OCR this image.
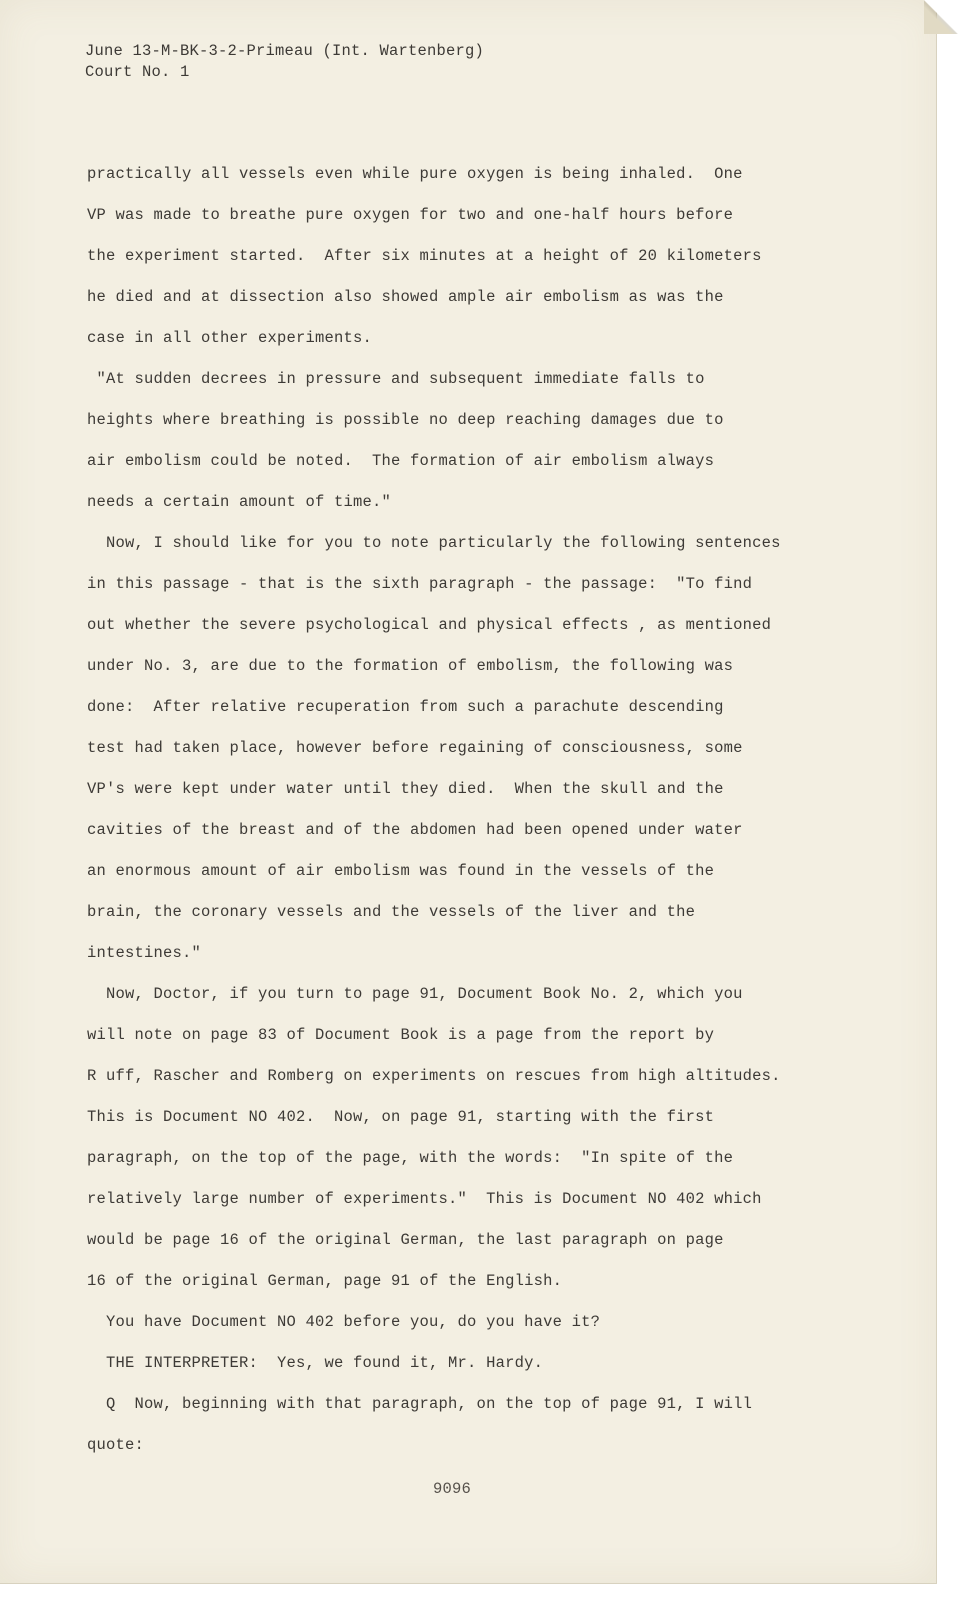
June 13-M-BK-3-2-Primeau (Int. Wartenberg)
Court No. 1
practically all vessels even while pure oxygen is being inhaled.  One
VP was made to breathe pure oxygen for two and one-half hours before
the experiment started.  After six minutes at a height of 20 kilometers
he died and at dissection also showed ample air embolism as was the
case in all other experiments.
"At sudden decrees in pressure and subsequent immediate falls to
heights where breathing is possible no deep reaching damages due to
air embolism could be noted.  The formation of air embolism always
needs a certain amount of time."
Now, I should like for you to note particularly the following sentences
in this passage - that is the sixth paragraph - the passage:  "To find
out whether the severe psychological and physical effects , as mentioned
under No. 3, are due to the formation of embolism, the following was
done:  After relative recuperation from such a parachute descending
test had taken place, however before regaining of consciousness, some
VP's were kept under water until they died.  When the skull and the
cavities of the breast and of the abdomen had been opened under water
an enormous amount of air embolism was found in the vessels of the
brain, the coronary vessels and the vessels of the liver and the
intestines."
Now, Doctor, if you turn to page 91, Document Book No. 2, which you
will note on page 83 of Document Book is a page from the report by
R uff, Rascher and Romberg on experiments on rescues from high altitudes.
This is Document NO 402.  Now, on page 91, starting with the first
paragraph, on the top of the page, with the words:  "In spite of the
relatively large number of experiments."  This is Document NO 402 which
would be page 16 of the original German, the last paragraph on page
16 of the original German, page 91 of the English.
You have Document NO 402 before you, do you have it?
THE INTERPRETER:  Yes, we found it, Mr. Hardy.
Q  Now, beginning with that paragraph, on the top of page 91, I will
quote:
9096
